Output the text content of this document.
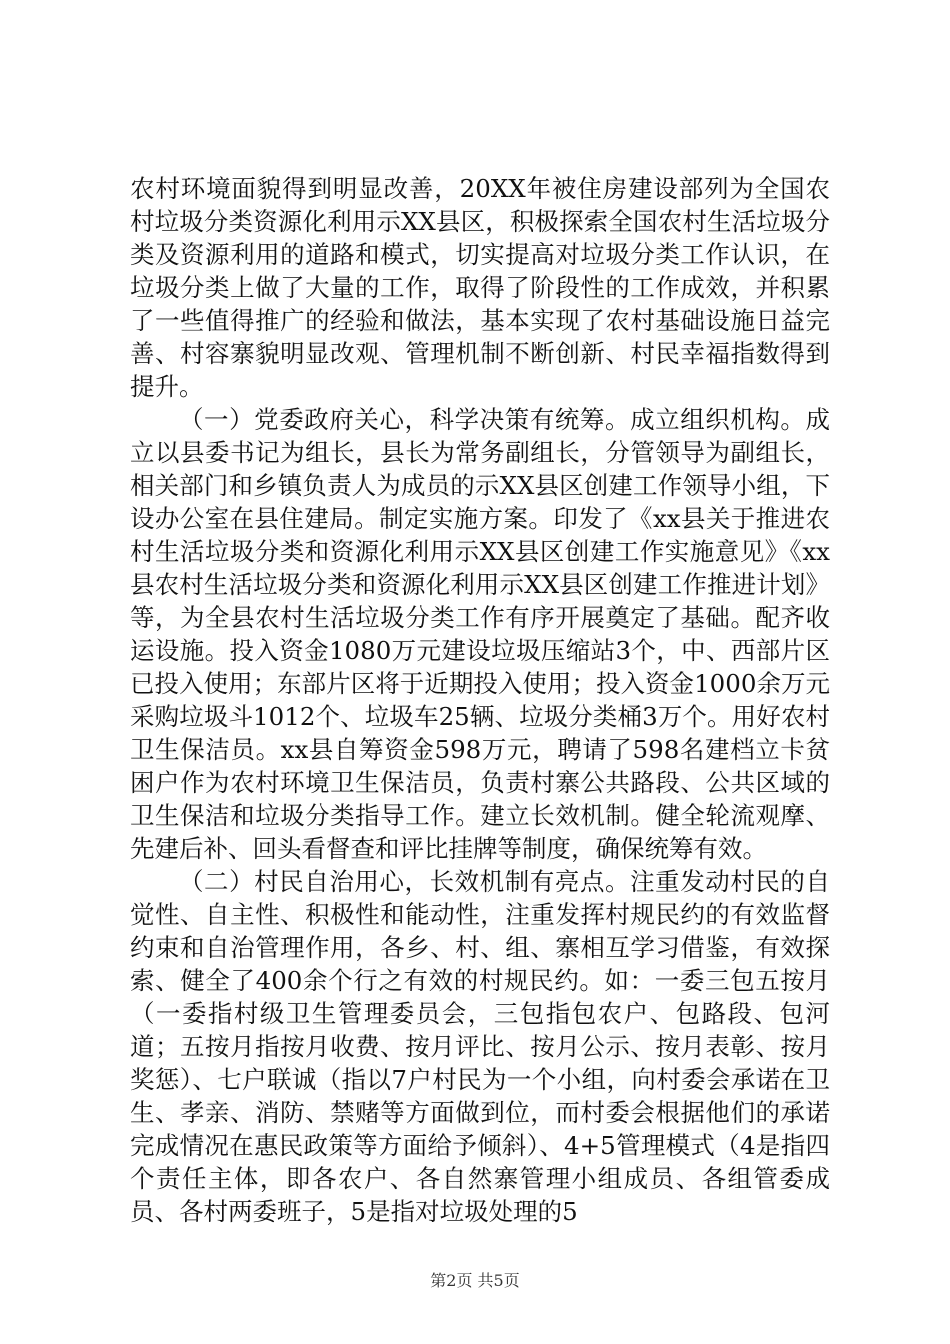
农村环境面貌得到明显改善，20XX年被住房建设部列为全国农村垃圾分类资源化利用示XX县区，积极探索全国农村生活垃圾分类及资源利用的道路和模式，切实提高对垃圾分类工作认识，在垃圾分类上做了大量的工作，取得了阶段性的工作成效，并积累了一些值得推广的经验和做法，基本实现了农村基础设施日益完善、村容寨貌明显改观、管理机制不断创新、村民幸福指数得到提升。

（一）党委政府关心，科学决策有统筹。成立组织机构。成立以县委书记为组长，县长为常务副组长，分管领导为副组长，相关部门和乡镇负责人为成员的示XX县区创建工作领导小组，下设办公室在县住建局。制定实施方案。印发了《xx县关于推进农村生活垃圾分类和资源化利用示XX县区创建工作实施意见》《xx县农村生活垃圾分类和资源化利用示XX县区创建工作推进计划》等，为全县农村生活垃圾分类工作有序开展奠定了基础。配齐收运设施。投入资金1080万元建设垃圾压缩站3个，中、西部片区已投入使用；东部片区将于近期投入使用；投入资金1000余万元采购垃圾斗1012个、垃圾车25辆、垃圾分类桶3万个。用好农村卫生保洁员。xx县自筹资金598万元，聘请了598名建档立卡贫困户作为农村环境卫生保洁员，负责村寨公共路段、公共区域的卫生保洁和垃圾分类指导工作。建立长效机制。健全轮流观摩、先建后补、回头看督查和评比挂牌等制度，确保统筹有效。

（二）村民自治用心，长效机制有亮点。注重发动村民的自觉性、自主性、积极性和能动性，注重发挥村规民约的有效监督约束和自治管理作用，各乡、村、组、寨相互学习借鉴，有效探索、健全了400余个行之有效的村规民约。如：一委三包五按月（一委指村级卫生管理委员会，三包指包农户、包路段、包河道；五按月指按月收费、按月评比、按月公示、按月表彰、按月奖惩）、七户联诚（指以7户村民为一个小组，向村委会承诺在卫生、孝亲、消防、禁赌等方面做到位，而村委会根据他们的承诺完成情况在惠民政策等方面给予倾斜）、4+5管理模式（4是指四个责任主体，即各农户、各自然寨管理小组成员、各组管委成员、各村两委班子，5是指对垃圾处理的5

第2页 共5页
